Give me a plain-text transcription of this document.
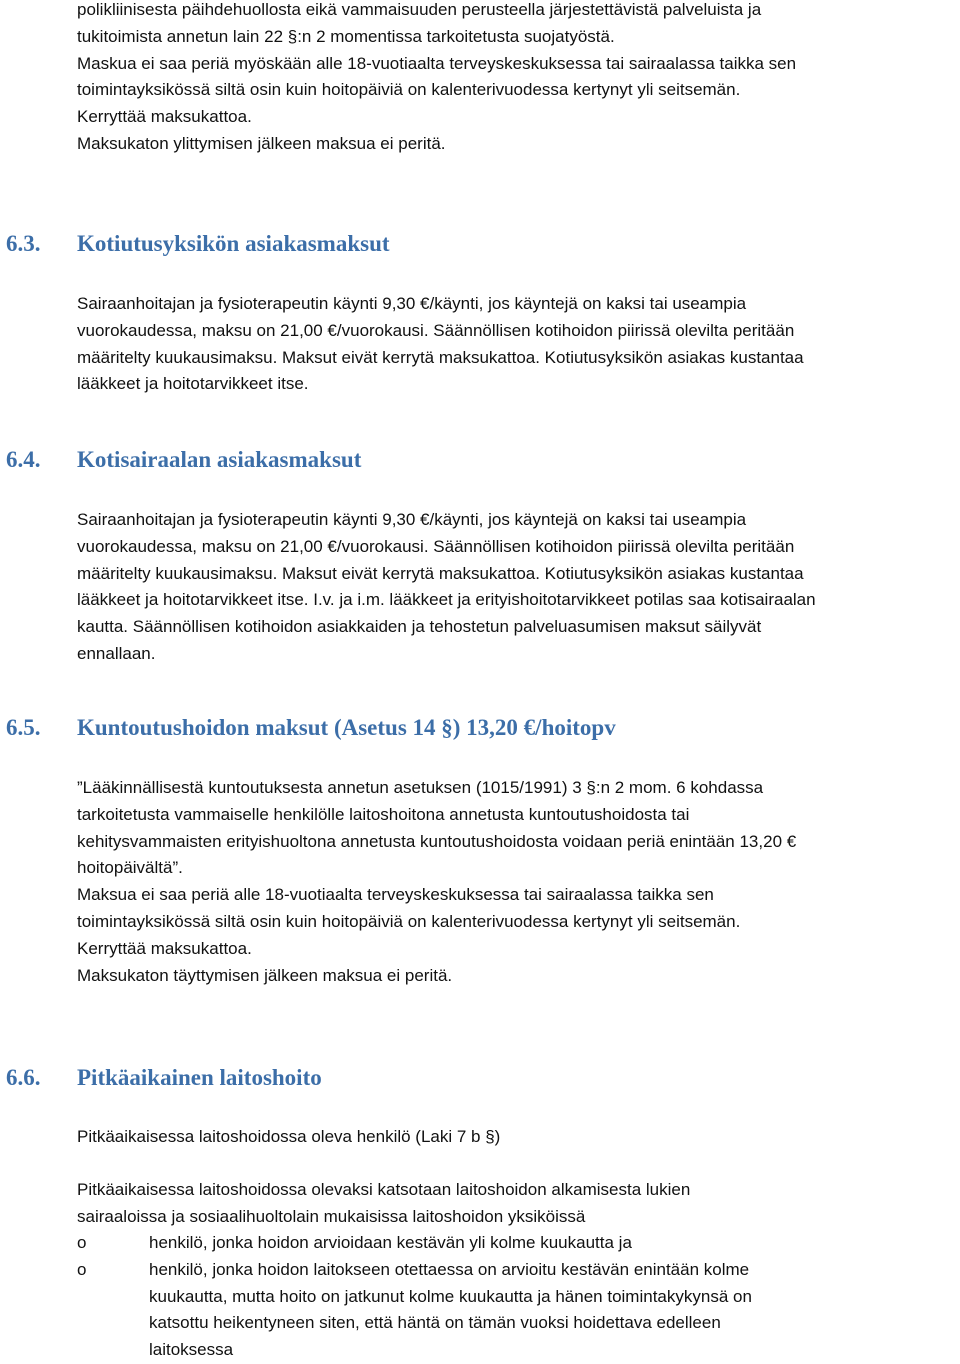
polikliinisesta päihdehuollosta eikä vammaisuuden perusteella järjestettävistä palveluista ja

tukitoimista annetun lain 22 §:n 2 momentissa tarkoitetusta suojatyöstä.

Maskua ei saa periä myöskään alle 18-vuotiaalta terveyskeskuksessa tai sairaalassa taikka sen

toimintayksikössä siltä osin kuin hoitopäiviä on kalenterivuodessa kertynyt yli seitsemän.

Kerryttää maksukattoa.

Maksukaton ylittymisen jälkeen maksua ei peritä.

6.3. Kotiutusyksikön asiakasmaksut

Sairaanhoitajan ja fysioterapeutin käynti 9,30 €/käynti, jos käyntejä on kaksi tai useampia

vuorokaudessa, maksu on 21,00 €/vuorokausi. Säännöllisen kotihoidon piirissä olevilta peritään

määritelty kuukausimaksu. Maksut eivät kerrytä maksukattoa. Kotiutusyksikön asiakas kustantaa

lääkkeet ja hoitotarvikkeet itse.

6.4. Kotisairaalan asiakasmaksut

Sairaanhoitajan ja fysioterapeutin käynti 9,30 €/käynti, jos käyntejä on kaksi tai useampia

vuorokaudessa, maksu on 21,00 €/vuorokausi. Säännöllisen kotihoidon piirissä olevilta peritään

määritelty kuukausimaksu. Maksut eivät kerrytä maksukattoa. Kotiutusyksikön asiakas kustantaa

lääkkeet ja hoitotarvikkeet itse. I.v. ja i.m. lääkkeet ja erityishoitotarvikkeet potilas saa kotisairaalan

kautta. Säännöllisen kotihoidon asiakkaiden ja tehostetun palveluasumisen maksut säilyvät

ennallaan.

6.5. Kuntoutushoidon maksut (Asetus 14 §) 13,20 €/hoitopv

”Lääkinnällisestä kuntoutuksesta annetun asetuksen (1015/1991) 3 §:n 2 mom. 6 kohdassa

tarkoitetusta vammaiselle henkilölle laitoshoitona annetusta kuntoutushoidosta tai

kehitysvammaisten erityishuoltona annetusta kuntoutushoidosta voidaan periä enintään 13,20 €

hoitopäivältä”.

Maksua ei saa periä alle 18-vuotiaalta terveyskeskuksessa tai sairaalassa taikka sen

toimintayksikössä siltä osin kuin hoitopäiviä on kalenterivuodessa kertynyt yli seitsemän.

Kerryttää maksukattoa.

Maksukaton täyttymisen jälkeen maksua ei peritä.

6.6. Pitkäaikainen laitoshoito

Pitkäaikaisessa laitoshoidossa oleva henkilö (Laki 7 b §)

Pitkäaikaisessa laitoshoidossa olevaksi katsotaan laitoshoidon alkamisesta lukien

sairaaloissa ja sosiaalihuoltolain mukaisissa laitoshoidon yksiköissä

o	henkilö, jonka hoidon arvioidaan kestävän yli kolme kuukautta ja
o	henkilö, jonka hoidon laitokseen otettaessa on arvioitu kestävän enintään kolme
kuukautta, mutta hoito on jatkunut kolme kuukautta ja hänen toimintakykynsä on
katsottu heikentyneen siten, että häntä on tämän vuoksi hoidettava edelleen
laitoksessa
